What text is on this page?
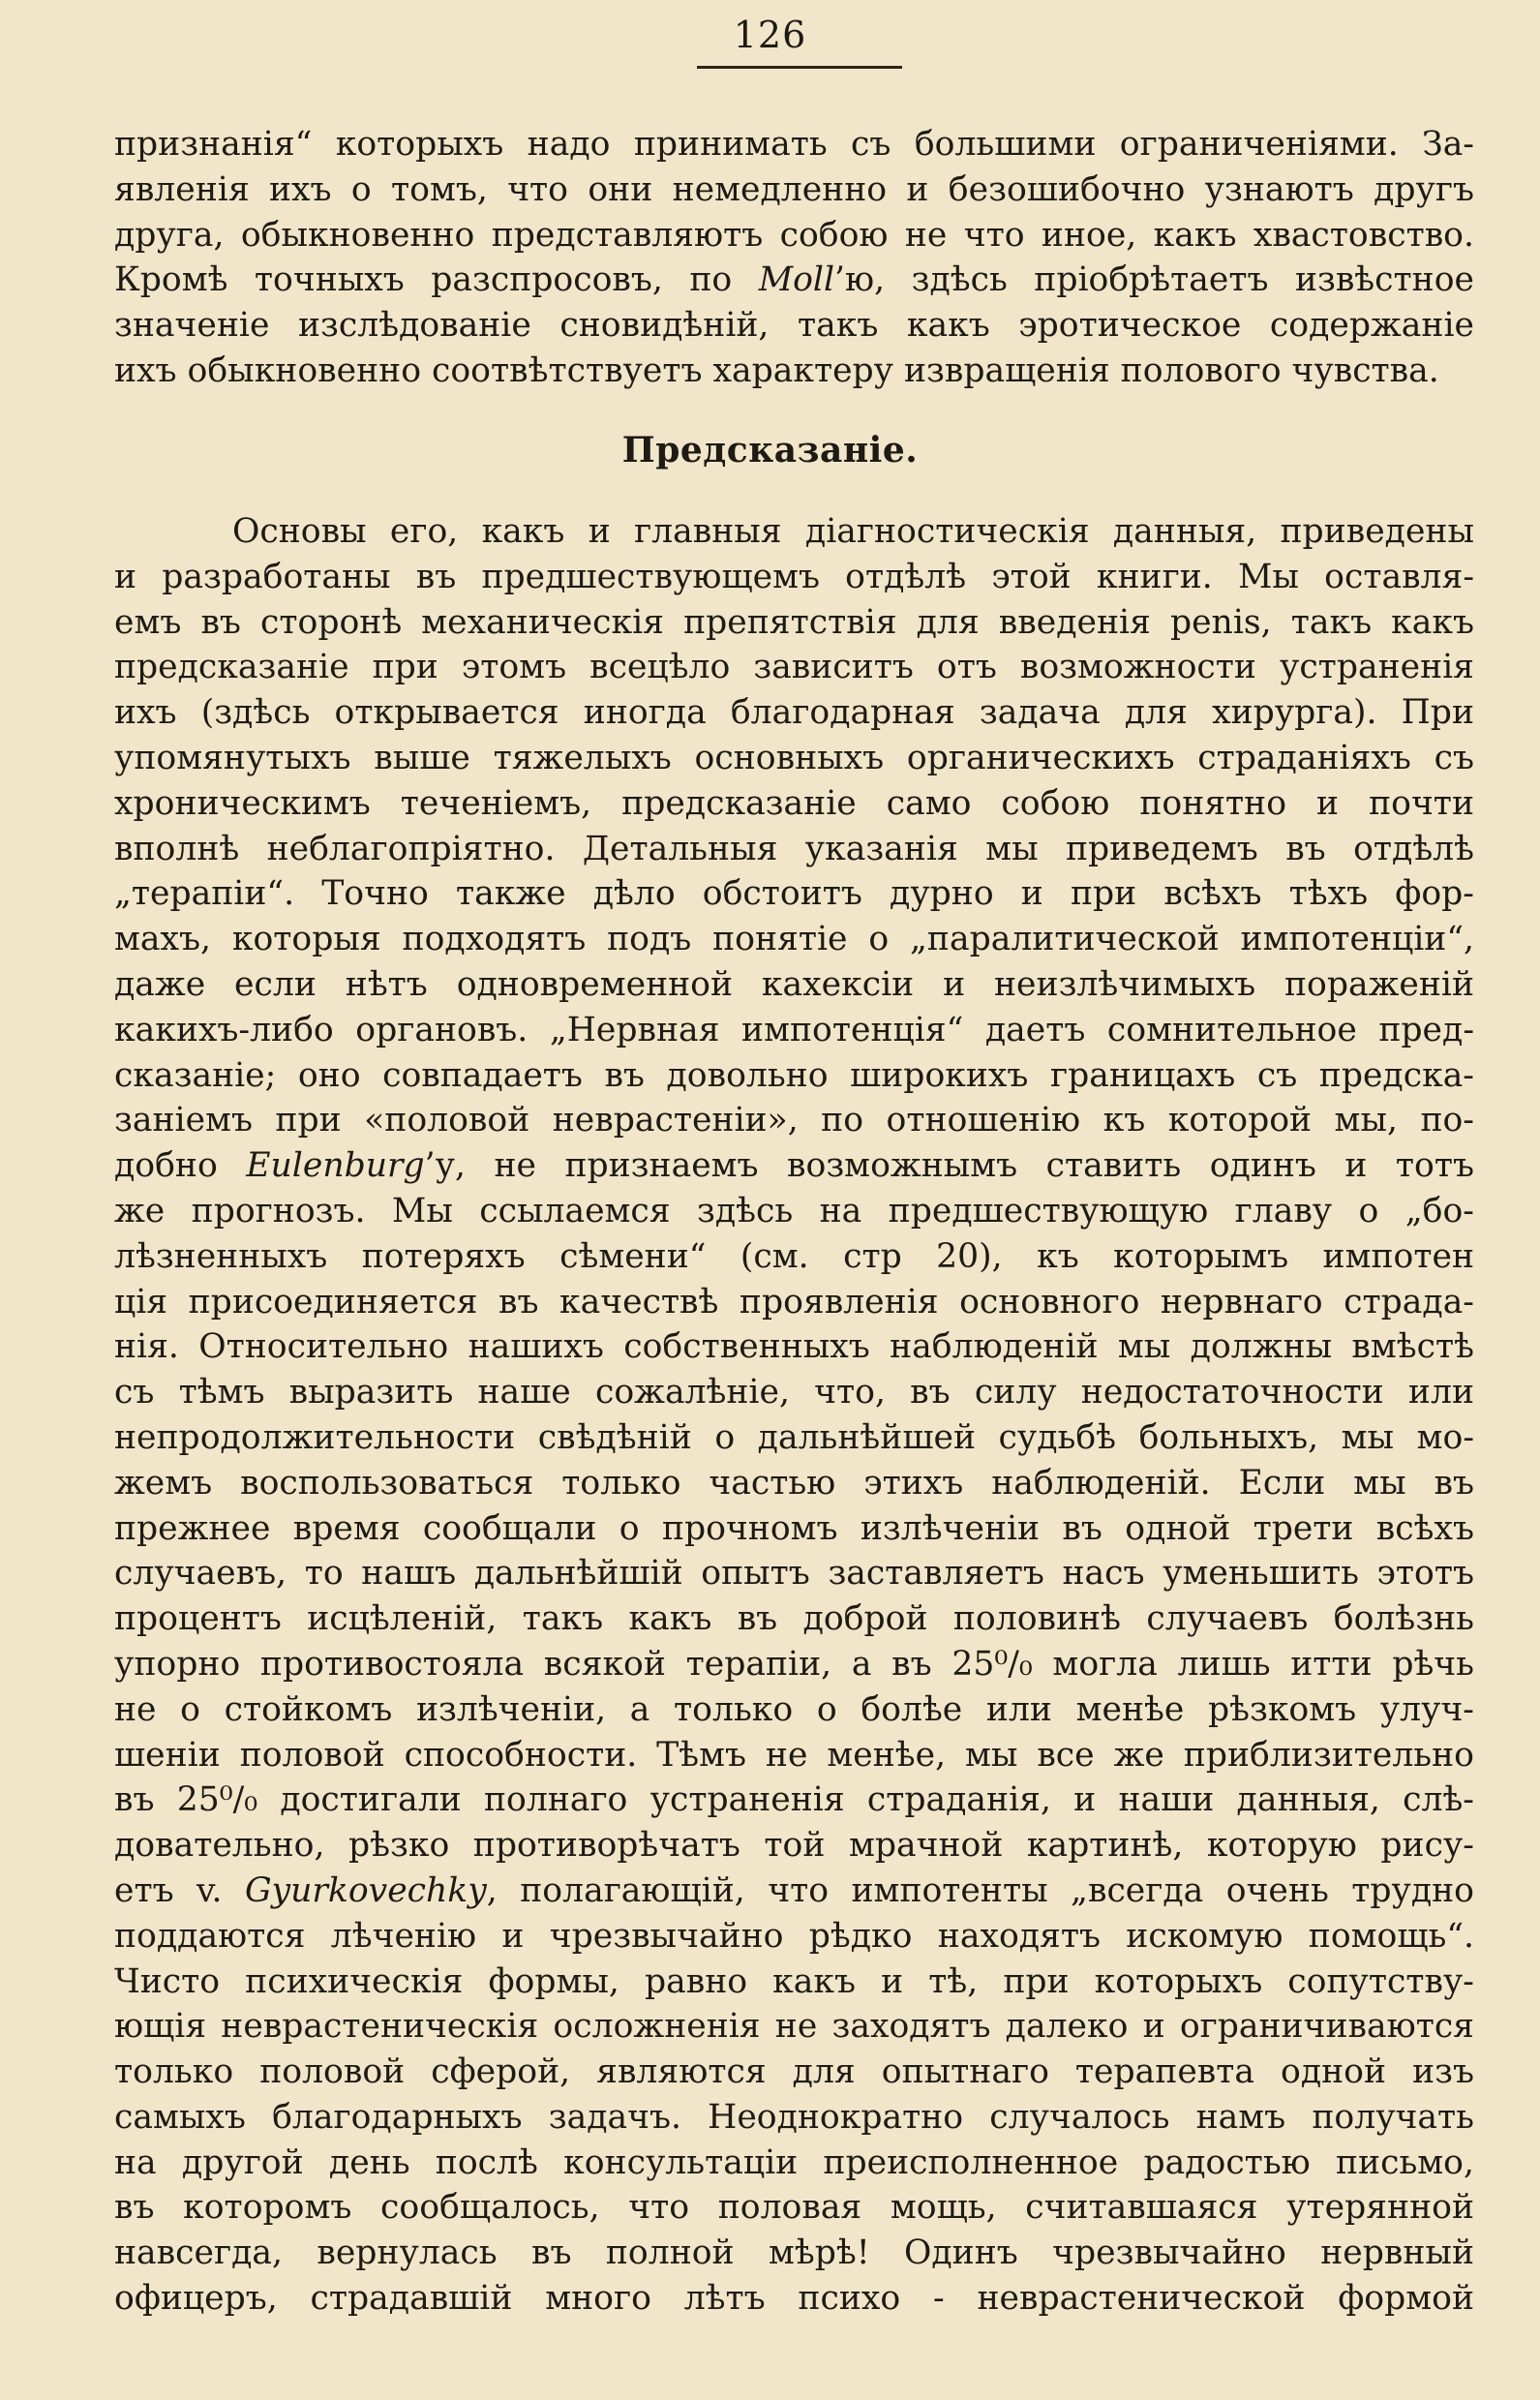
126
признанія“ которыхъ надо принимать съ большими ограниченіями. За-
явленія ихъ о томъ, что они немедленно и безошибочно узнаютъ другъ
друга, обыкновенно представляютъ собою не что иное, какъ хвастовство.
Кромѣ точныхъ разспросовъ, по Moll’ю, здѣсь пріобрѣтаетъ извѣстное
значеніе изслѣдованіе сновидѣній, такъ какъ эротическое содержаніе
ихъ обыкновенно соотвѣтствуетъ характеру извращенія полового чувства.
Предсказаніе.
Основы его, какъ и главныя діагностическія данныя, приведены
и разработаны въ предшествующемъ отдѣлѣ этой книги. Мы оставля-
емъ въ сторонѣ механическія препятствія для введенія penis, такъ какъ
предсказаніе при этомъ всецѣло зависитъ отъ возможности устраненія
ихъ (здѣсь открывается иногда благодарная задача для хирурга). При
упомянутыхъ выше тяжелыхъ основныхъ органическихъ страданіяхъ съ
хроническимъ теченіемъ, предсказаніе само собою понятно и почти
вполнѣ неблагопріятно. Детальныя указанія мы приведемъ въ отдѣлѣ
„терапіи“. Точно также дѣло обстоитъ дурно и при всѣхъ тѣхъ фор-
махъ, которыя подходятъ подъ понятіе о „паралитической импотенціи“,
даже если нѣтъ одновременной кахексіи и неизлѣчимыхъ пораженій
какихъ-либо органовъ. „Нервная импотенція“ даетъ сомнительное пред-
сказаніе; оно совпадаетъ въ довольно широкихъ границахъ съ предска-
заніемъ при «половой неврастеніи», по отношенію къ которой мы, по-
добно Eulenburg’у, не признаемъ возможнымъ ставить одинъ и тотъ
же прогнозъ. Мы ссылаемся здѣсь на предшествующую главу о „бо-
лѣзненныхъ потеряхъ сѣмени“ (см. стр 20), къ которымъ импотен
ція присоединяется въ качествѣ проявленія основного нервнаго страда-
нія. Относительно нашихъ собственныхъ наблюденій мы должны вмѣстѣ
съ тѣмъ выразить наше сожалѣніе, что, въ силу недостаточности или
непродолжительности свѣдѣній о дальнѣйшей судьбѣ больныхъ, мы мо-
жемъ воспользоваться только частью этихъ наблюденій. Если мы въ
прежнее время сообщали о прочномъ излѣченіи въ одной трети всѣхъ
случаевъ, то нашъ дальнѣйшій опытъ заставляетъ насъ уменьшить этотъ
процентъ исцѣленій, такъ какъ въ доброй половинѣ случаевъ болѣзнь
упорно противостояла всякой терапіи, а въ 25⁰/₀ могла лишь итти рѣчь
не о стойкомъ излѣченіи, а только о болѣе или менѣе рѣзкомъ улуч-
шеніи половой способности. Тѣмъ не менѣе, мы все же приблизительно
въ 25⁰/₀ достигали полнаго устраненія страданія, и наши данныя, слѣ-
довательно, рѣзко противорѣчатъ той мрачной картинѣ, которую рису-
етъ v. Gyurkovechky, полагающій, что импотенты „всегда очень трудно
поддаются лѣченію и чрезвычайно рѣдко находятъ искомую помощь“.
Чисто психическія формы, равно какъ и тѣ, при которыхъ сопутству-
ющія неврастеническія осложненія не заходятъ далеко и ограничиваются
только половой сферой, являются для опытнаго терапевта одной изъ
самыхъ благодарныхъ задачъ. Неоднократно случалось намъ получать
на другой день послѣ консультаціи преисполненное радостью письмо,
въ которомъ сообщалось, что половая мощь, считавшаяся утерянной
навсегда, вернулась въ полной мѣрѣ! Одинъ чрезвычайно нервный
офицеръ, страдавшій много лѣтъ психо - неврастенической формой
